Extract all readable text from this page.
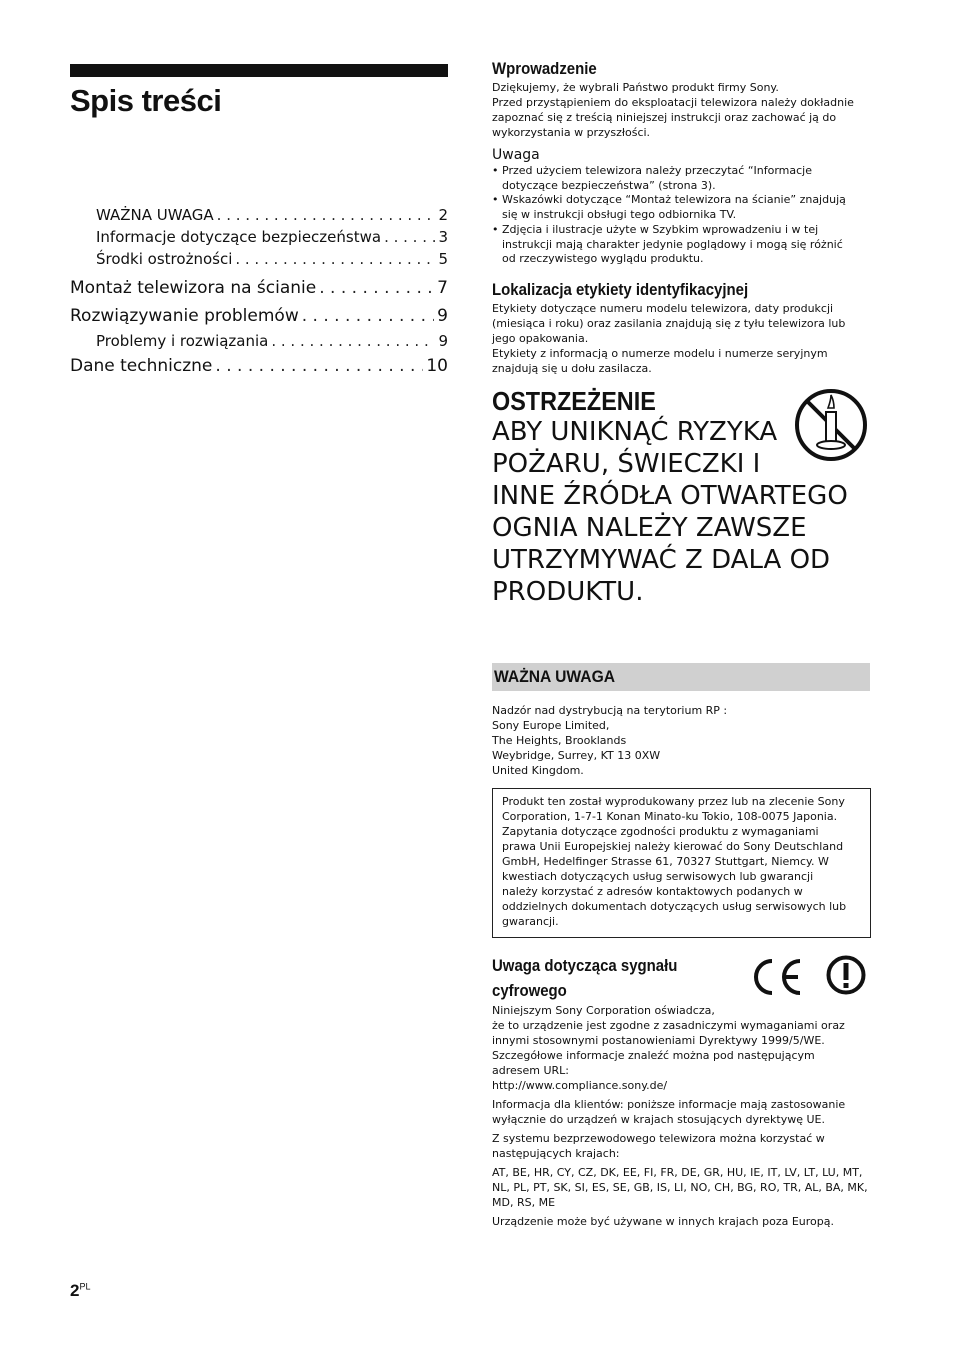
Spis treści
WAŻNA UWAGA . . .	2
Informacje dotyczące bezpieczeństwa . . .	3
Środki ostrożności . . .	5
Montaż telewizora na ścianie . . .	7
Rozwiązywanie problemów . . .	9
Problemy i rozwiązania . . .	9
Dane techniczne . . .	10
Wprowadzenie
Dziękujemy, że wybrali Państwo produkt firmy Sony.
Przed przystąpieniem do eksploatacji telewizora należy dokładnie
zapoznać się z treścią niniejszej instrukcji oraz zachować ją do
wykorzystania w przyszłości.
Uwaga
• Przed użyciem telewizora należy przeczytać “Informacje
dotyczące bezpieczeństwa” (strona 3).
• Wskazówki dotyczące “Montaż telewizora na ścianie” znajdują
się w instrukcji obsługi tego odbiornika TV.
• Zdjęcia i ilustracje użyte w Szybkim wprowadzeniu i w tej
instrukcji mają charakter jedynie poglądowy i mogą się różnić
od rzeczywistego wyglądu produktu.
Lokalizacja etykiety identyfikacyjnej
Etykiety dotyczące numeru modelu telewizora, daty produkcji
(miesiąca i roku) oraz zasilania znajdują się z tyłu telewizora lub
jego opakowania.
Etykiety z informacją o numerze modelu i numerze seryjnym
znajdują się u dołu zasilacza.
OSTRZEŻENIE
ABY UNIKNĄĆ RYZYKA
POŻARU, ŚWIECZKI I
INNE ŹRÓDŁA OTWARTEGO
OGNIA NALEŻY ZAWSZE
UTRZYMYWAĆ Z DALA OD
PRODUKTU.
WAŻNA UWAGA
Nadzór nad dystrybucją na terytorium RP :
Sony Europe Limited,
The Heights, Brooklands
Weybridge, Surrey, KT 13 0XW
United Kingdom.
Produkt ten został wyprodukowany przez lub na zlecenie Sony
Corporation, 1-7-1 Konan Minato-ku Tokio, 108-0075 Japonia.
Zapytania dotyczące zgodności produktu z wymaganiami
prawa Unii Europejskiej należy kierować do Sony Deutschland
GmbH, Hedelfinger Strasse 61, 70327 Stuttgart, Niemcy. W
kwestiach dotyczących usług serwisowych lub gwarancji
należy korzystać z adresów kontaktowych podanych w
oddzielnych dokumentach dotyczących usług serwisowych lub
gwarancji.
Uwaga dotycząca sygnału
cyfrowego
Niniejszym Sony Corporation oświadcza,
że to urządzenie jest zgodne z zasadniczymi wymaganiami oraz
innymi stosownymi postanowieniami Dyrektywy 1999/5/WE.
Szczegółowe informacje znaleźć można pod następującym
adresem URL:
http://www.compliance.sony.de/
Informacja dla klientów: poniższe informacje mają zastosowanie
wyłącznie do urządzeń w krajach stosujących dyrektywę UE.
Z systemu bezprzewodowego telewizora można korzystać w
następujących krajach:
AT, BE, HR, CY, CZ, DK, EE, FI, FR, DE, GR, HU, IE, IT, LV, LT, LU, MT,
NL, PL, PT, SK, SI, ES, SE, GB, IS, LI, NO, CH, BG, RO, TR, AL, BA, MK,
MD, RS, ME
Urządzenie może być używane w innych krajach poza Europą.
$2^{PL}$
